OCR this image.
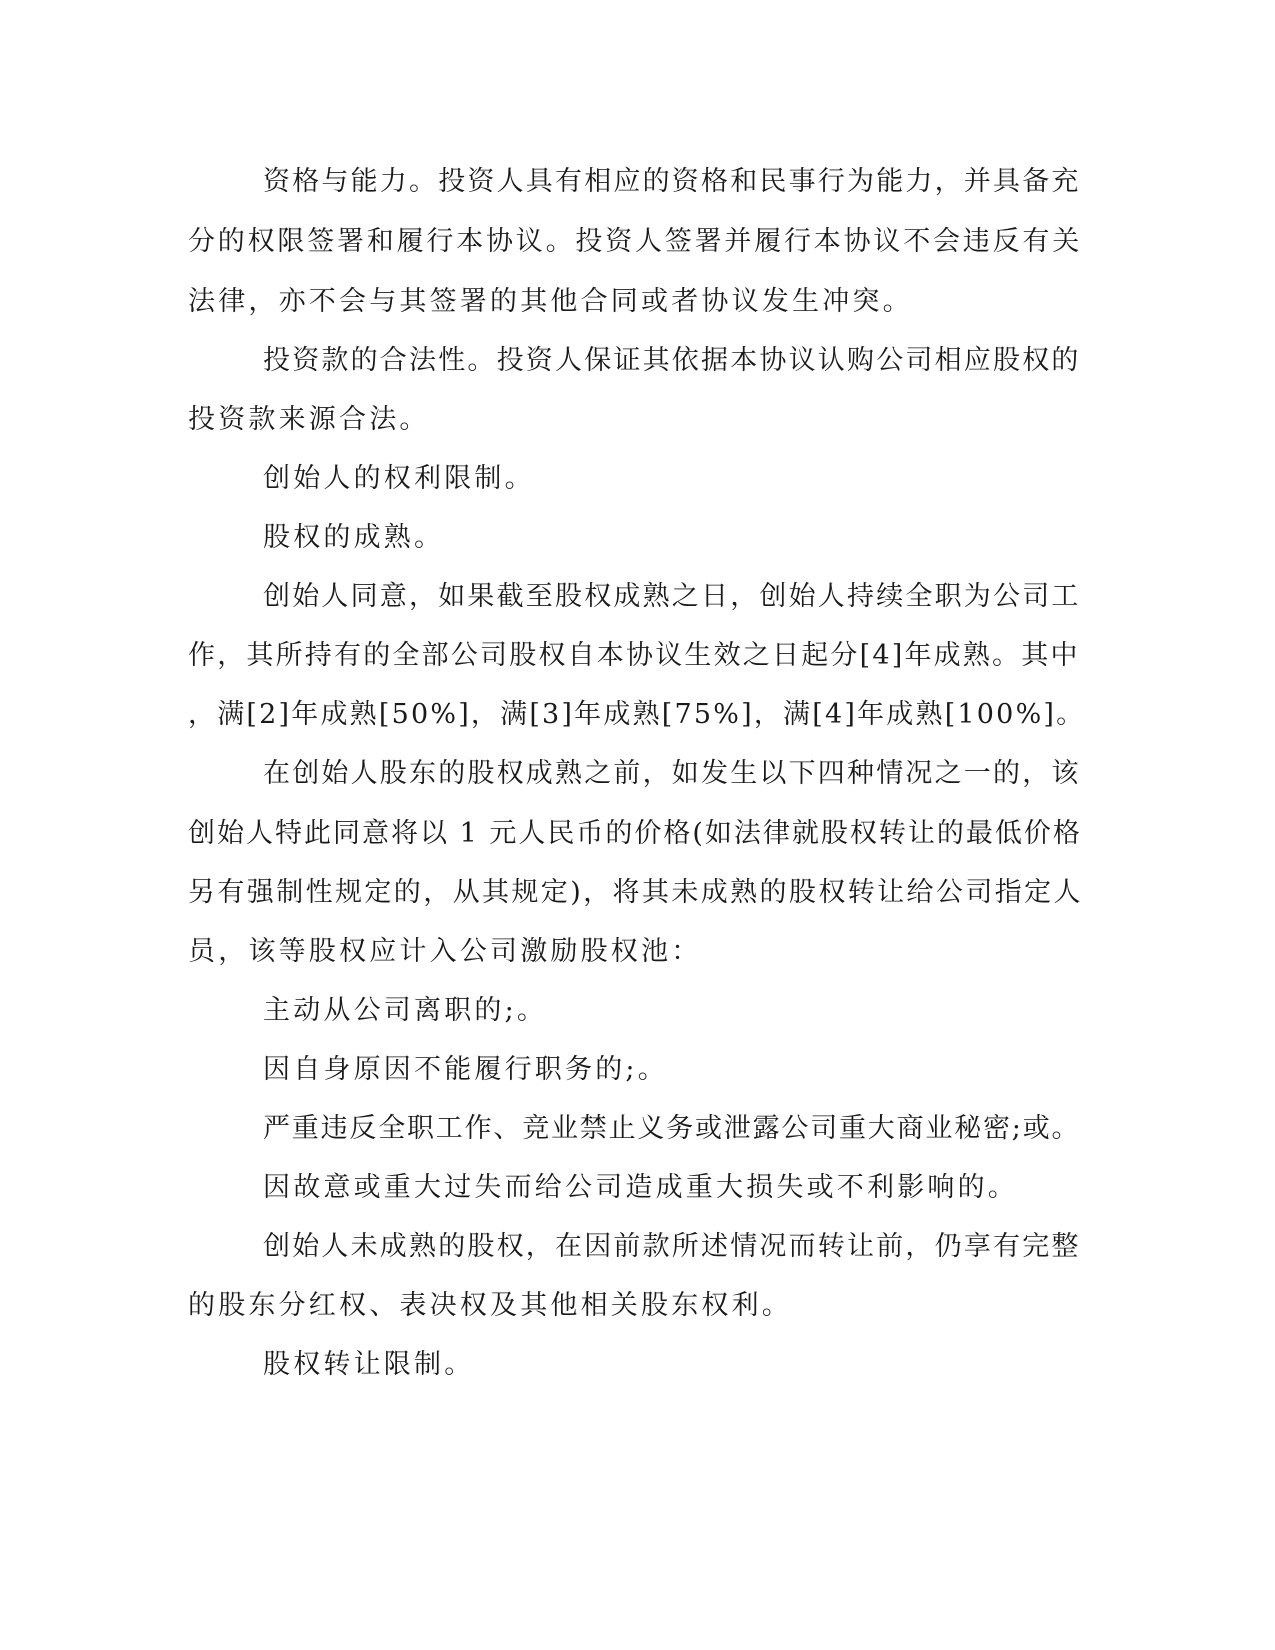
资格与能力。投资人具有相应的资格和民事行为能力，并具备充
分的权限签署和履行本协议。投资人签署并履行本协议不会违反有关
法律，亦不会与其签署的其他合同或者协议发生冲突。
投资款的合法性。投资人保证其依据本协议认购公司相应股权的
投资款来源合法。
创始人的权利限制。
股权的成熟。
创始人同意，如果截至股权成熟之日，创始人持续全职为公司工
作，其所持有的全部公司股权自本协议生效之日起分[4]年成熟。其中
，满[2]年成熟[50%]，满[3]年成熟[75%]，满[4]年成熟[100%]。
在创始人股东的股权成熟之前，如发生以下四种情况之一的，该
创始人特此同意将以 1 元人民币的价格(如法律就股权转让的最低价格
另有强制性规定的，从其规定)，将其未成熟的股权转让给公司指定人
员，该等股权应计入公司激励股权池：
主动从公司离职的;。
因自身原因不能履行职务的;。
严重违反全职工作、竞业禁止义务或泄露公司重大商业秘密;或。
因故意或重大过失而给公司造成重大损失或不利影响的。
创始人未成熟的股权，在因前款所述情况而转让前，仍享有完整
的股东分红权、表决权及其他相关股东权利。
股权转让限制。
